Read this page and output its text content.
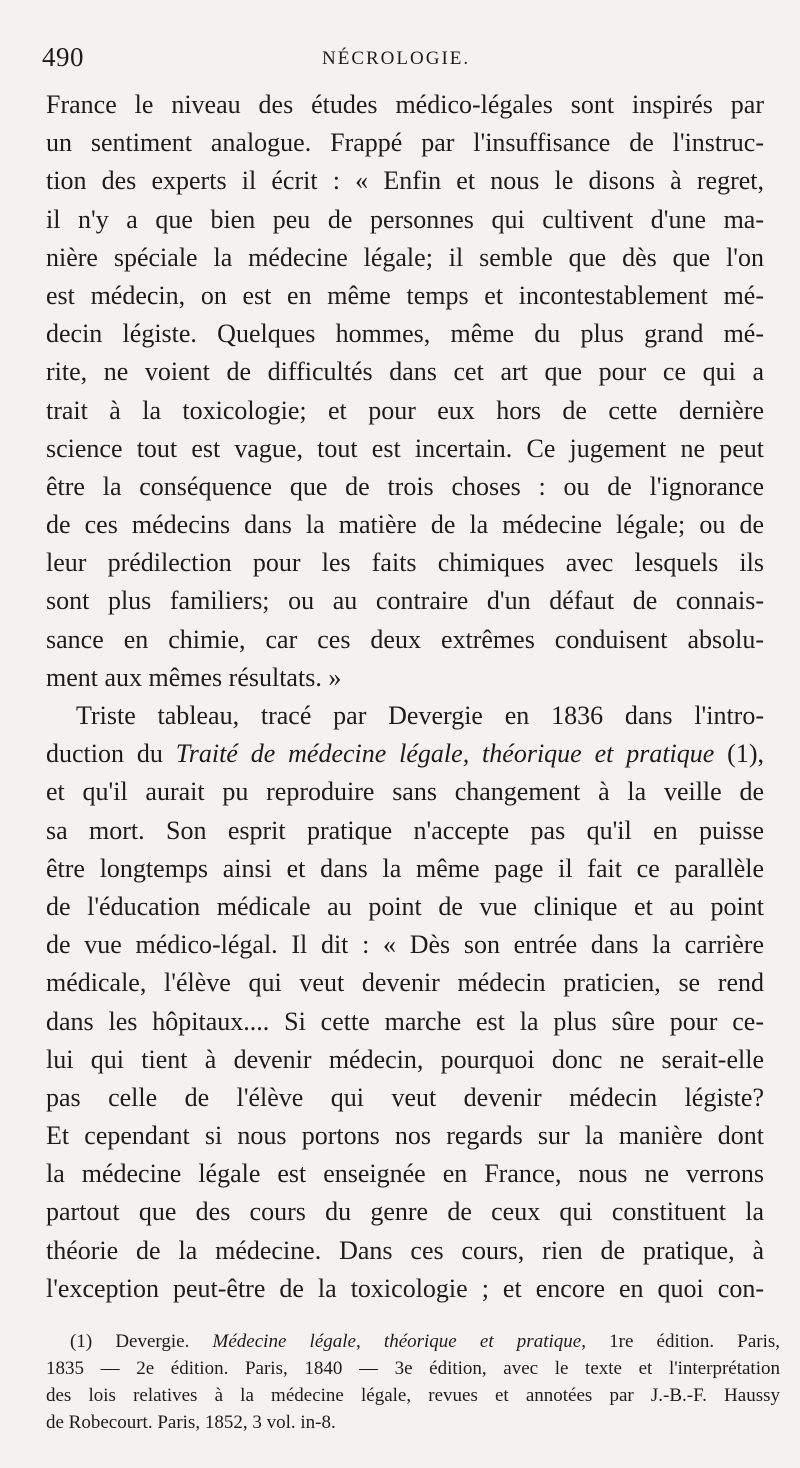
490	NÉCROLOGIE.
France le niveau des études médico-légales sont inspirés par
un sentiment analogue. Frappé par l'insuffisance de l'instruc-
tion des experts il écrit : « Enfin et nous le disons à regret,
il n'y a que bien peu de personnes qui cultivent d'une ma-
nière spéciale la médecine légale; il semble que dès que l'on
est médecin, on est en même temps et incontestablement mé-
decin légiste. Quelques hommes, même du plus grand mé-
rite, ne voient de difficultés dans cet art que pour ce qui a
trait à la toxicologie; et pour eux hors de cette dernière
science tout est vague, tout est incertain. Ce jugement ne peut
être la conséquence que de trois choses : ou de l'ignorance
de ces médecins dans la matière de la médecine légale; ou de
leur prédilection pour les faits chimiques avec lesquels ils
sont plus familiers; ou au contraire d'un défaut de connais-
sance en chimie, car ces deux extrêmes conduisent absolu-
ment aux mêmes résultats. »
Triste tableau, tracé par Devergie en 1836 dans l'intro-
duction du Traité de médecine légale, théorique et pratique (1),
et qu'il aurait pu reproduire sans changement à la veille de
sa mort. Son esprit pratique n'accepte pas qu'il en puisse
être longtemps ainsi et dans la même page il fait ce parallèle
de l'éducation médicale au point de vue clinique et au point
de vue médico-légal. Il dit : « Dès son entrée dans la carrière
médicale, l'élève qui veut devenir médecin praticien, se rend
dans les hôpitaux.... Si cette marche est la plus sûre pour ce-
lui qui tient à devenir médecin, pourquoi donc ne serait-elle
pas celle de l'élève qui veut devenir médecin légiste?
Et cependant si nous portons nos regards sur la manière dont
la médecine légale est enseignée en France, nous ne verrons
partout que des cours du genre de ceux qui constituent la
théorie de la médecine. Dans ces cours, rien de pratique, à
l'exception peut-être de la toxicologie ; et encore en quoi con-
(1) Devergie. Médecine légale, théorique et pratique, 1re édition. Paris,
1835 — 2e édition. Paris, 1840 — 3e édition, avec le texte et l'interprétation
des lois relatives à la médecine légale, revues et annotées par J.-B.-F. Haussy
de Robecourt. Paris, 1852, 3 vol. in-8.
